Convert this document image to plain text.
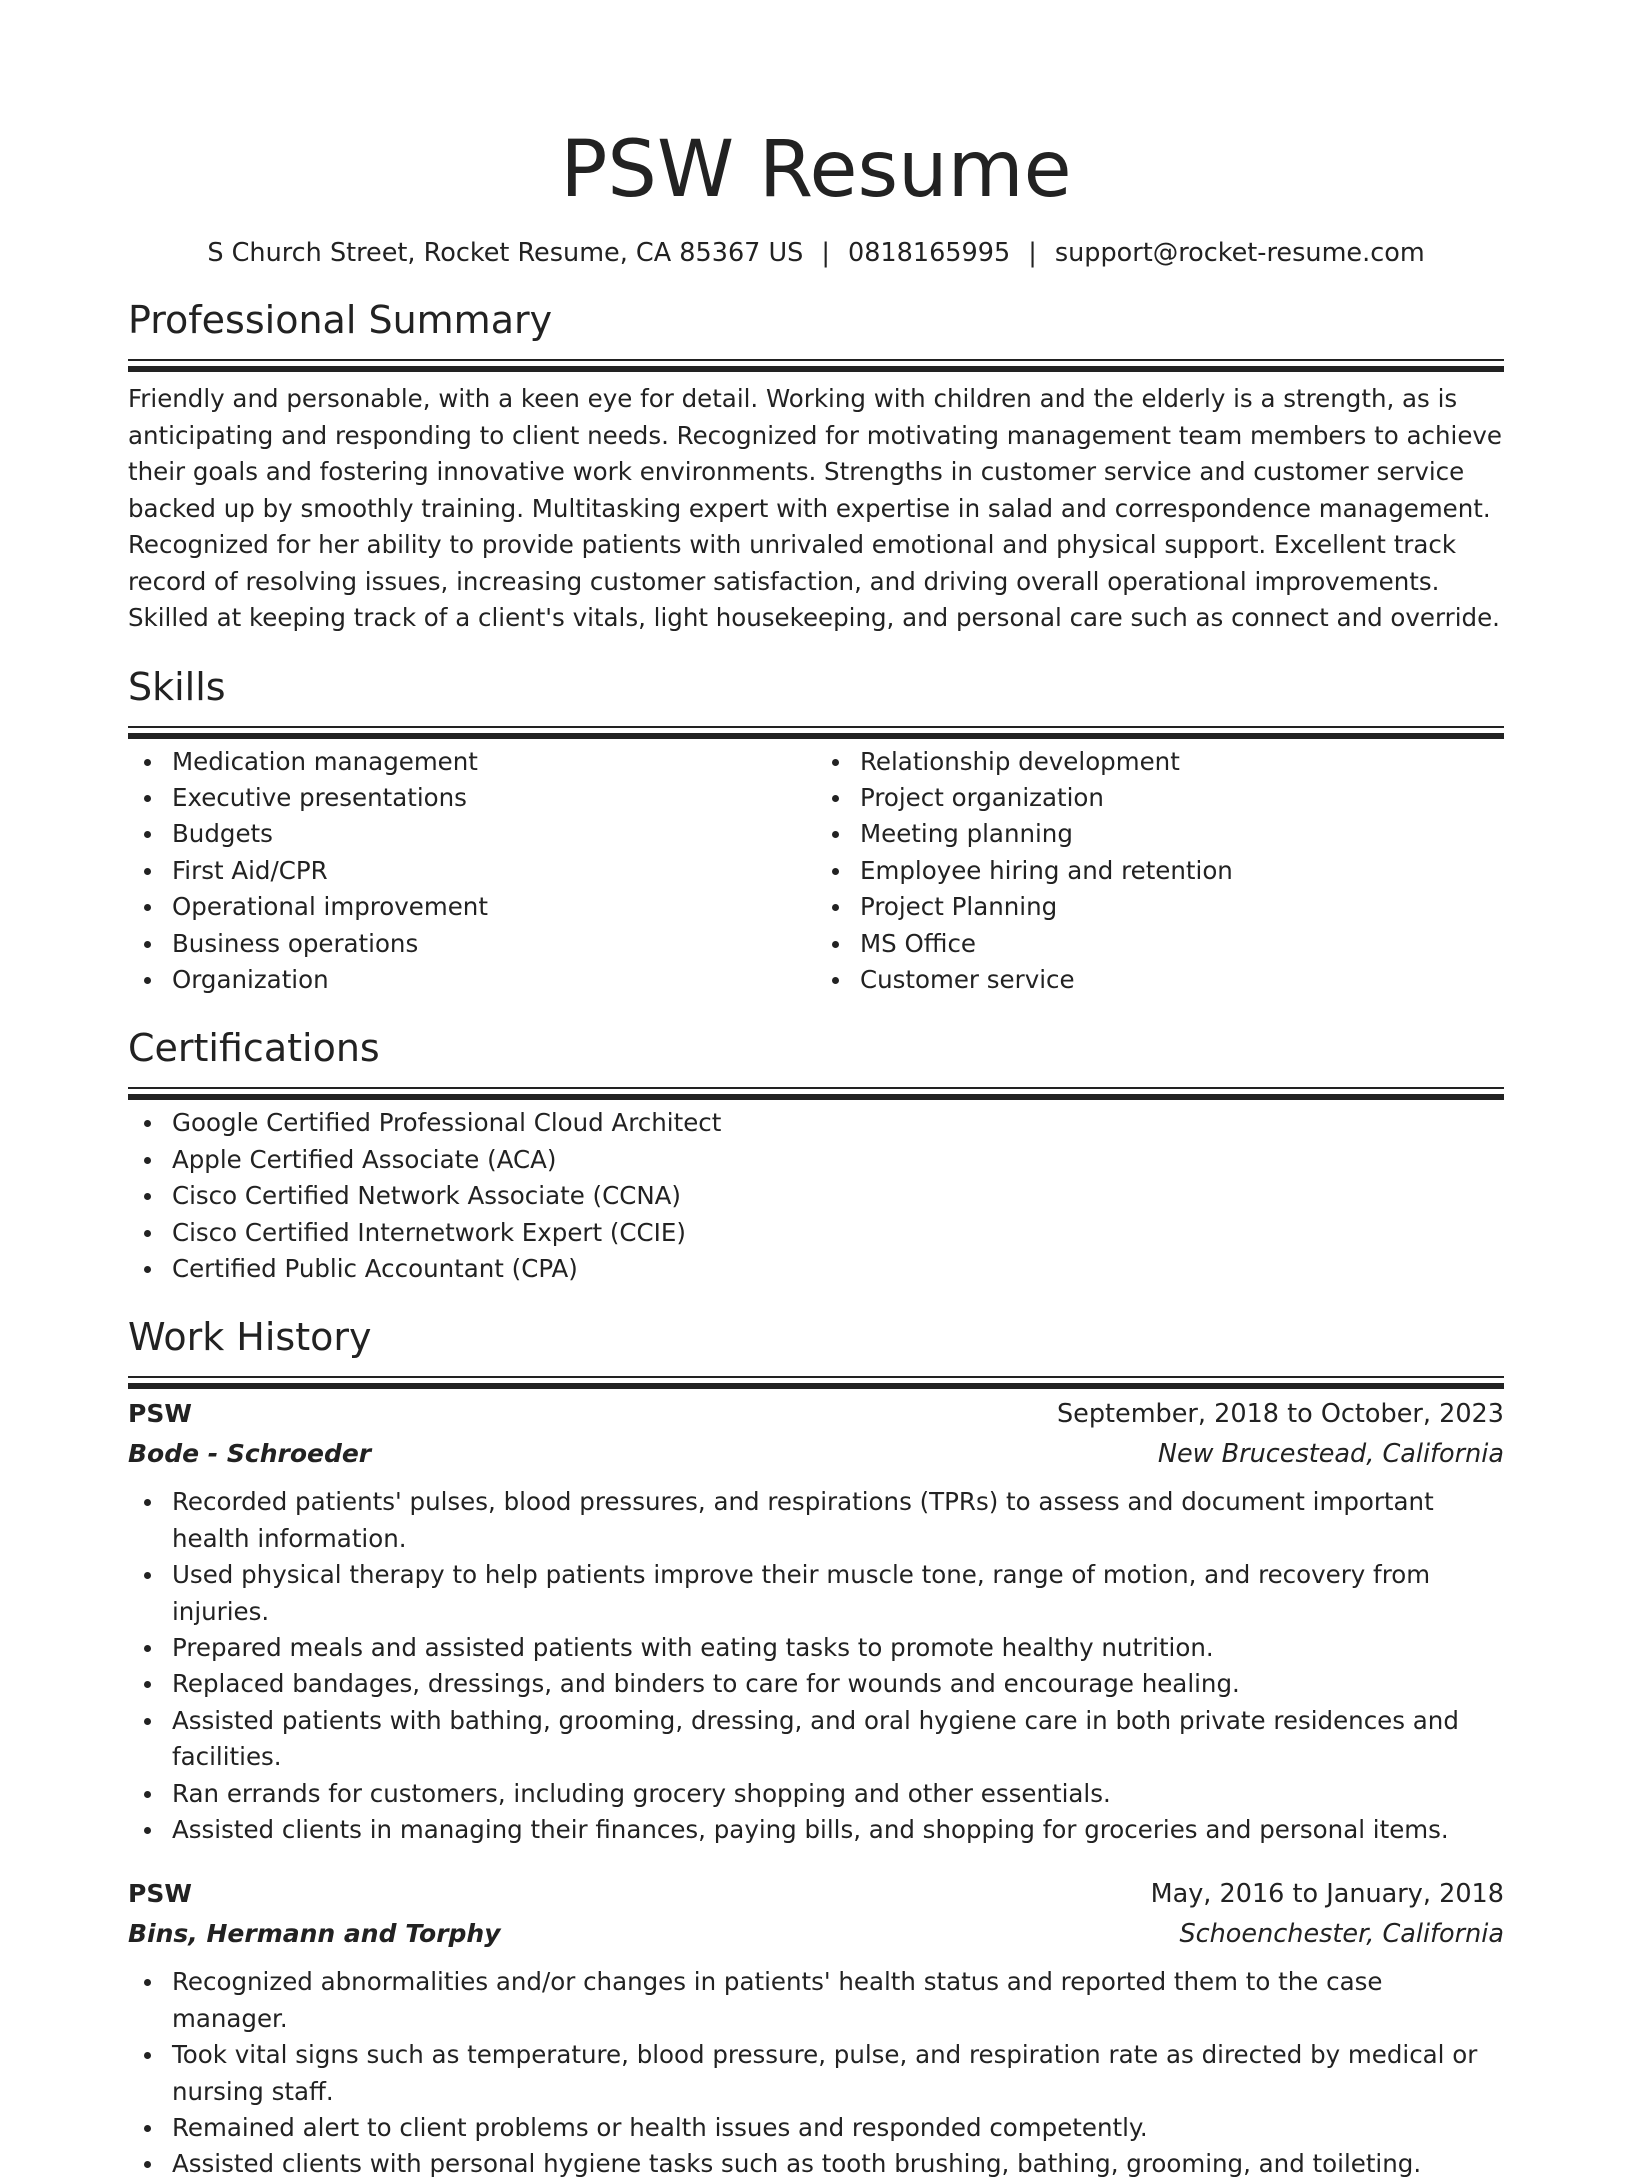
PSW Resume
S Church Street, Rocket Resume, CA 85367 US | 0818165995 | support@rocket-resume.com
Professional Summary

Friendly and personable, with a keen eye for detail. Working with children and the elderly is a strength, as is anticipating and responding to client needs. Recognized for motivating management team members to achieve their goals and fostering innovative work environments. Strengths in customer service and customer service backed up by smoothly training. Multitasking expert with expertise in salad and correspondence management. Recognized for her ability to provide patients with unrivaled emotional and physical support. Excellent track record of resolving issues, increasing customer satisfaction, and driving overall operational improvements. Skilled at keeping track of a client's vitals, light housekeeping, and personal care such as connect and override.

Skills
Medication management
Executive presentations
Budgets
First Aid/CPR
Operational improvement
Business operations
Organization
Relationship development
Project organization
Meeting planning
Employee hiring and retention
Project Planning
MS Office
Customer service
Certifications
Google Certified Professional Cloud Architect
Apple Certified Associate (ACA)
Cisco Certified Network Associate (CCNA)
Cisco Certified Internetwork Expert (CCIE)
Certified Public Accountant (CPA)
Work History
PSW	September, 2018 to October, 2023
Bode - Schroeder	New Brucestead, California
Recorded patients' pulses, blood pressures, and respirations (TPRs) to assess and document important health information.
Used physical therapy to help patients improve their muscle tone, range of motion, and recovery from injuries.
Prepared meals and assisted patients with eating tasks to promote healthy nutrition.
Replaced bandages, dressings, and binders to care for wounds and encourage healing.
Assisted patients with bathing, grooming, dressing, and oral hygiene care in both private residences and facilities.
Ran errands for customers, including grocery shopping and other essentials.
Assisted clients in managing their finances, paying bills, and shopping for groceries and personal items.
PSW	May, 2016 to January, 2018
Bins, Hermann and Torphy	Schoenchester, California
Recognized abnormalities and/or changes in patients' health status and reported them to the case manager.
Took vital signs such as temperature, blood pressure, pulse, and respiration rate as directed by medical or nursing staff.
Remained alert to client problems or health issues and responded competently.
Assisted clients with personal hygiene tasks such as tooth brushing, bathing, grooming, and toileting.
